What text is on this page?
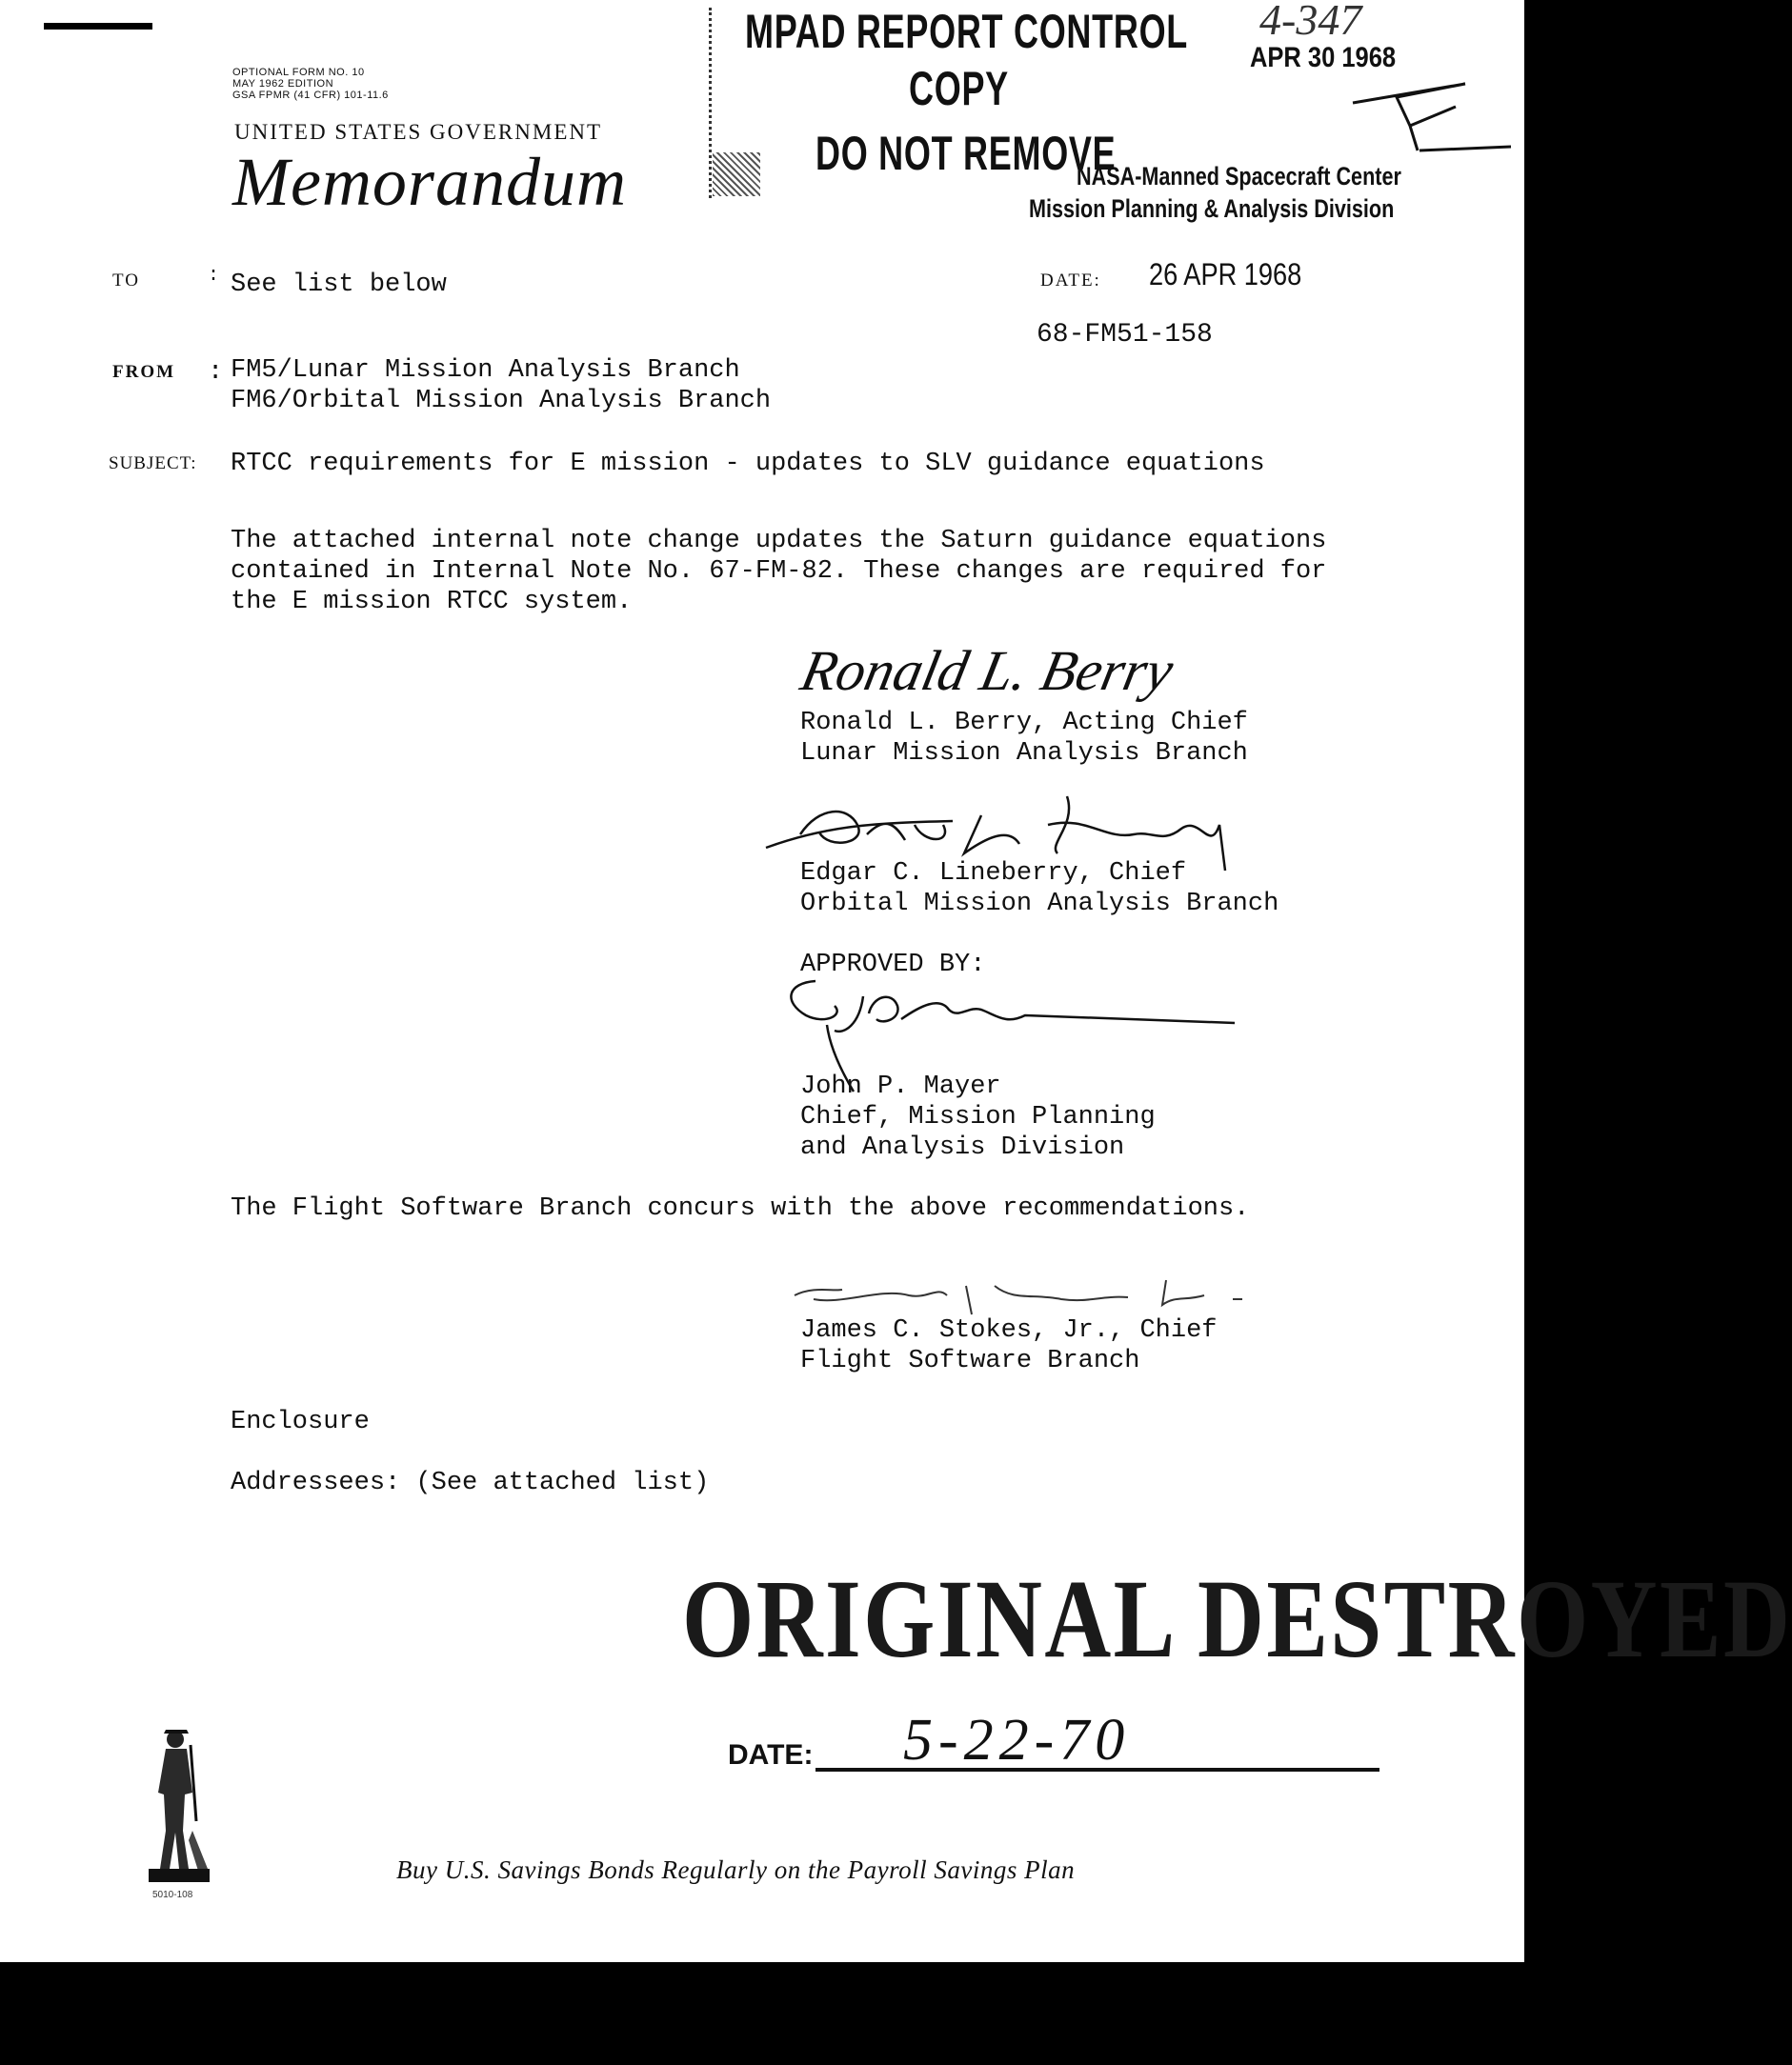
OPTIONAL FORM NO. 10
MAY 1962 EDITION
GSA FPMR (41 CFR) 101-11.6
UNITED STATES GOVERNMENT
Memorandum
MPAD REPORT CONTROL
COPY
DO NOT REMOVE
4-347
APR 30 1968
NASA-Manned Spacecraft Center
Mission Planning & Analysis Division
TO	: See list below	DATE: 26 APR 1968
68-FM51-158
FROM : FM5/Lunar Mission Analysis Branch
FM6/Orbital Mission Analysis Branch
SUBJECT: RTCC requirements for E mission - updates to SLV guidance equations
The attached internal note change updates the Saturn guidance equations
contained in Internal Note No. 67-FM-82. These changes are required for
the E mission RTCC system.
Ronald L. Berry
Ronald L. Berry, Acting Chief
Lunar Mission Analysis Branch
Edgar C. Lineberry, Chief
Orbital Mission Analysis Branch
APPROVED BY:
John P. Mayer
Chief, Mission Planning
and Analysis Division
The Flight Software Branch concurs with the above recommendations.
James C. Stokes, Jr., Chief
Flight Software Branch
Enclosure
Addressees: (See attached list)
ORIGINAL DESTROYED
DATE: 5-22-70
5010-108
Buy U.S. Savings Bonds Regularly on the Payroll Savings Plan
